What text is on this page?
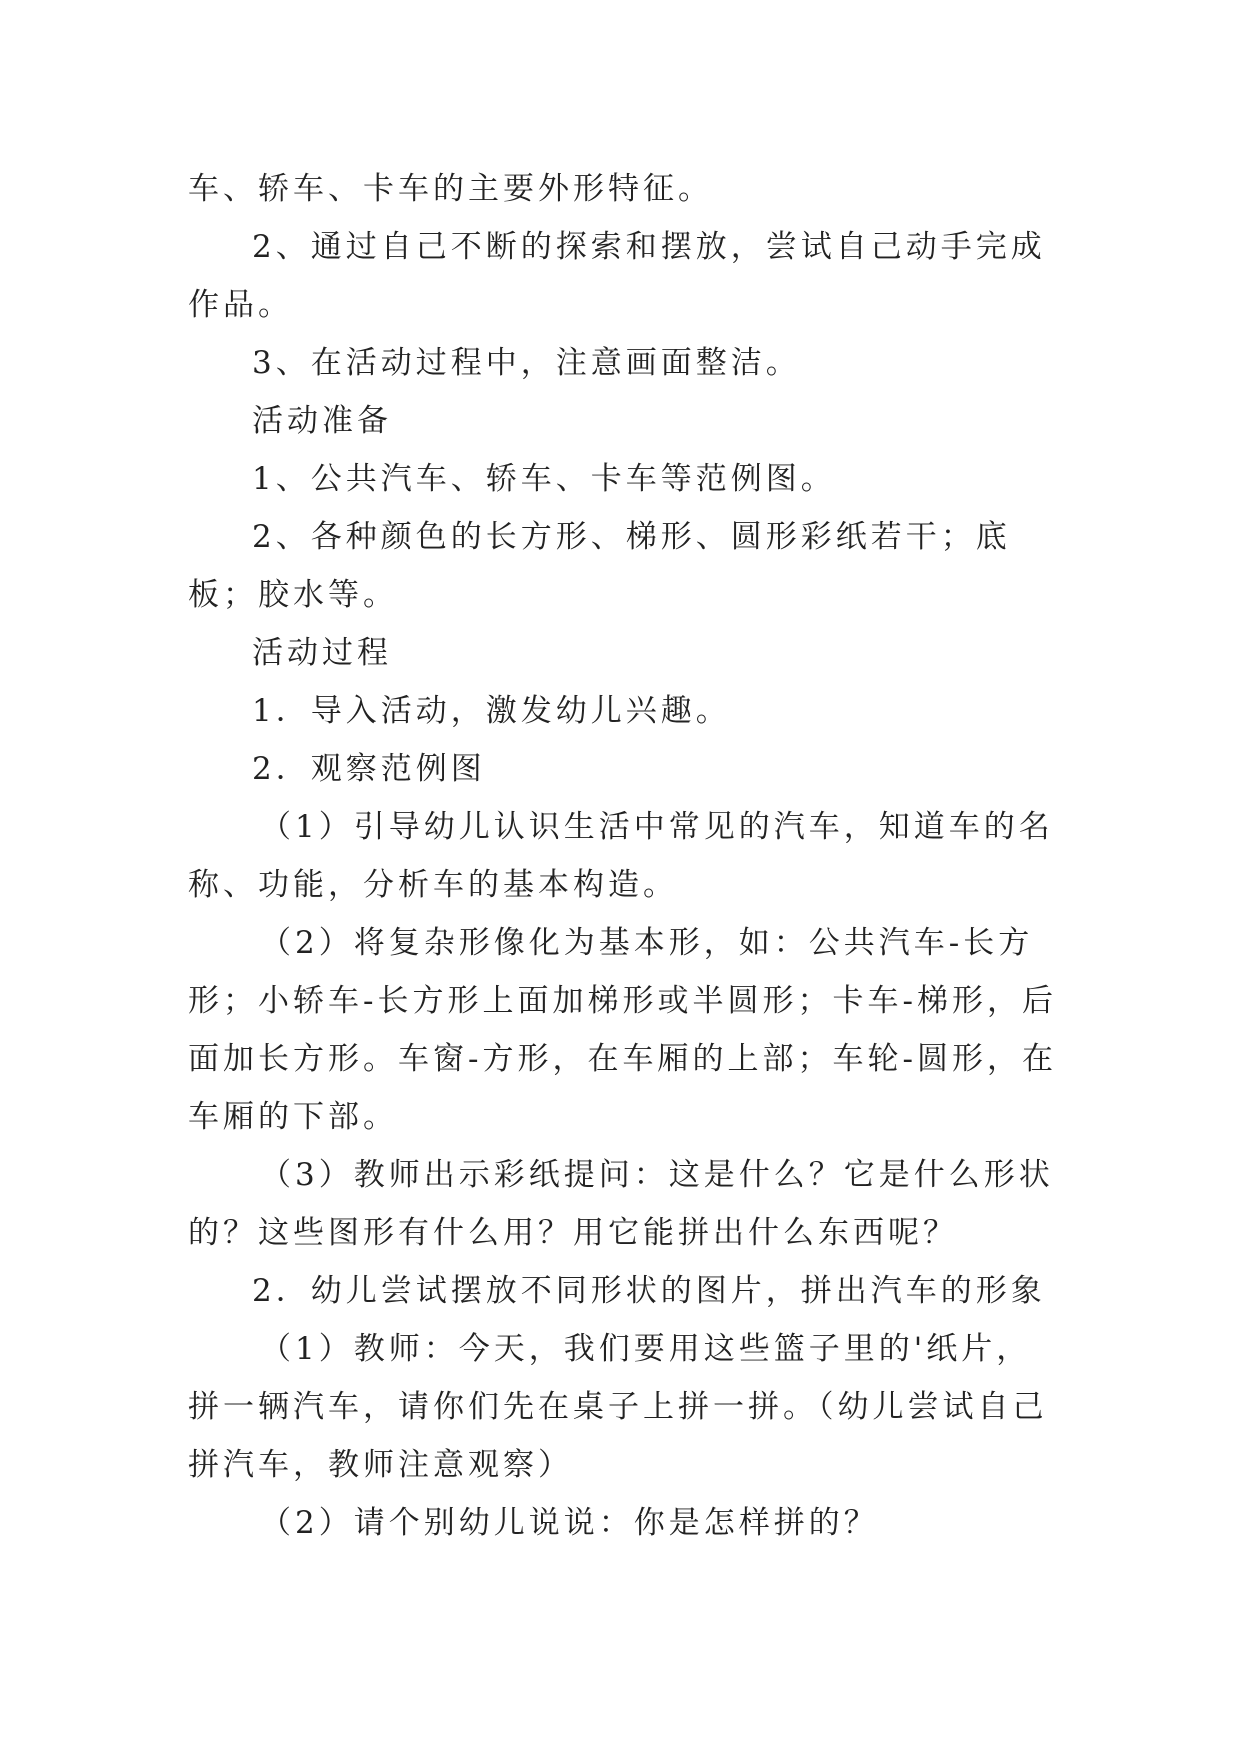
车、轿车、卡车的主要外形特征。

2、通过自己不断的探索和摆放，尝试自己动手完成作品。

3、在活动过程中，注意画面整洁。

活动准备

1、公共汽车、轿车、卡车等范例图。

2、各种颜色的长方形、梯形、圆形彩纸若干；底板；胶水等。

活动过程

1．导入活动，激发幼儿兴趣。

2．观察范例图

（1）引导幼儿认识生活中常见的汽车，知道车的名称、功能，分析车的基本构造。

（2）将复杂形像化为基本形，如：公共汽车-长方形；小轿车-长方形上面加梯形或半圆形；卡车-梯形，后面加长方形。车窗-方形，在车厢的上部；车轮-圆形，在车厢的下部。

（3）教师出示彩纸提问：这是什么？它是什么形状的？这些图形有什么用？用它能拼出什么东西呢？

2．幼儿尝试摆放不同形状的图片，拼出汽车的形象

（1）教师：今天，我们要用这些篮子里的'纸片，拼一辆汽车，请你们先在桌子上拼一拼。（幼儿尝试自己拼汽车，教师注意观察）

（2）请个别幼儿说说：你是怎样拼的？
